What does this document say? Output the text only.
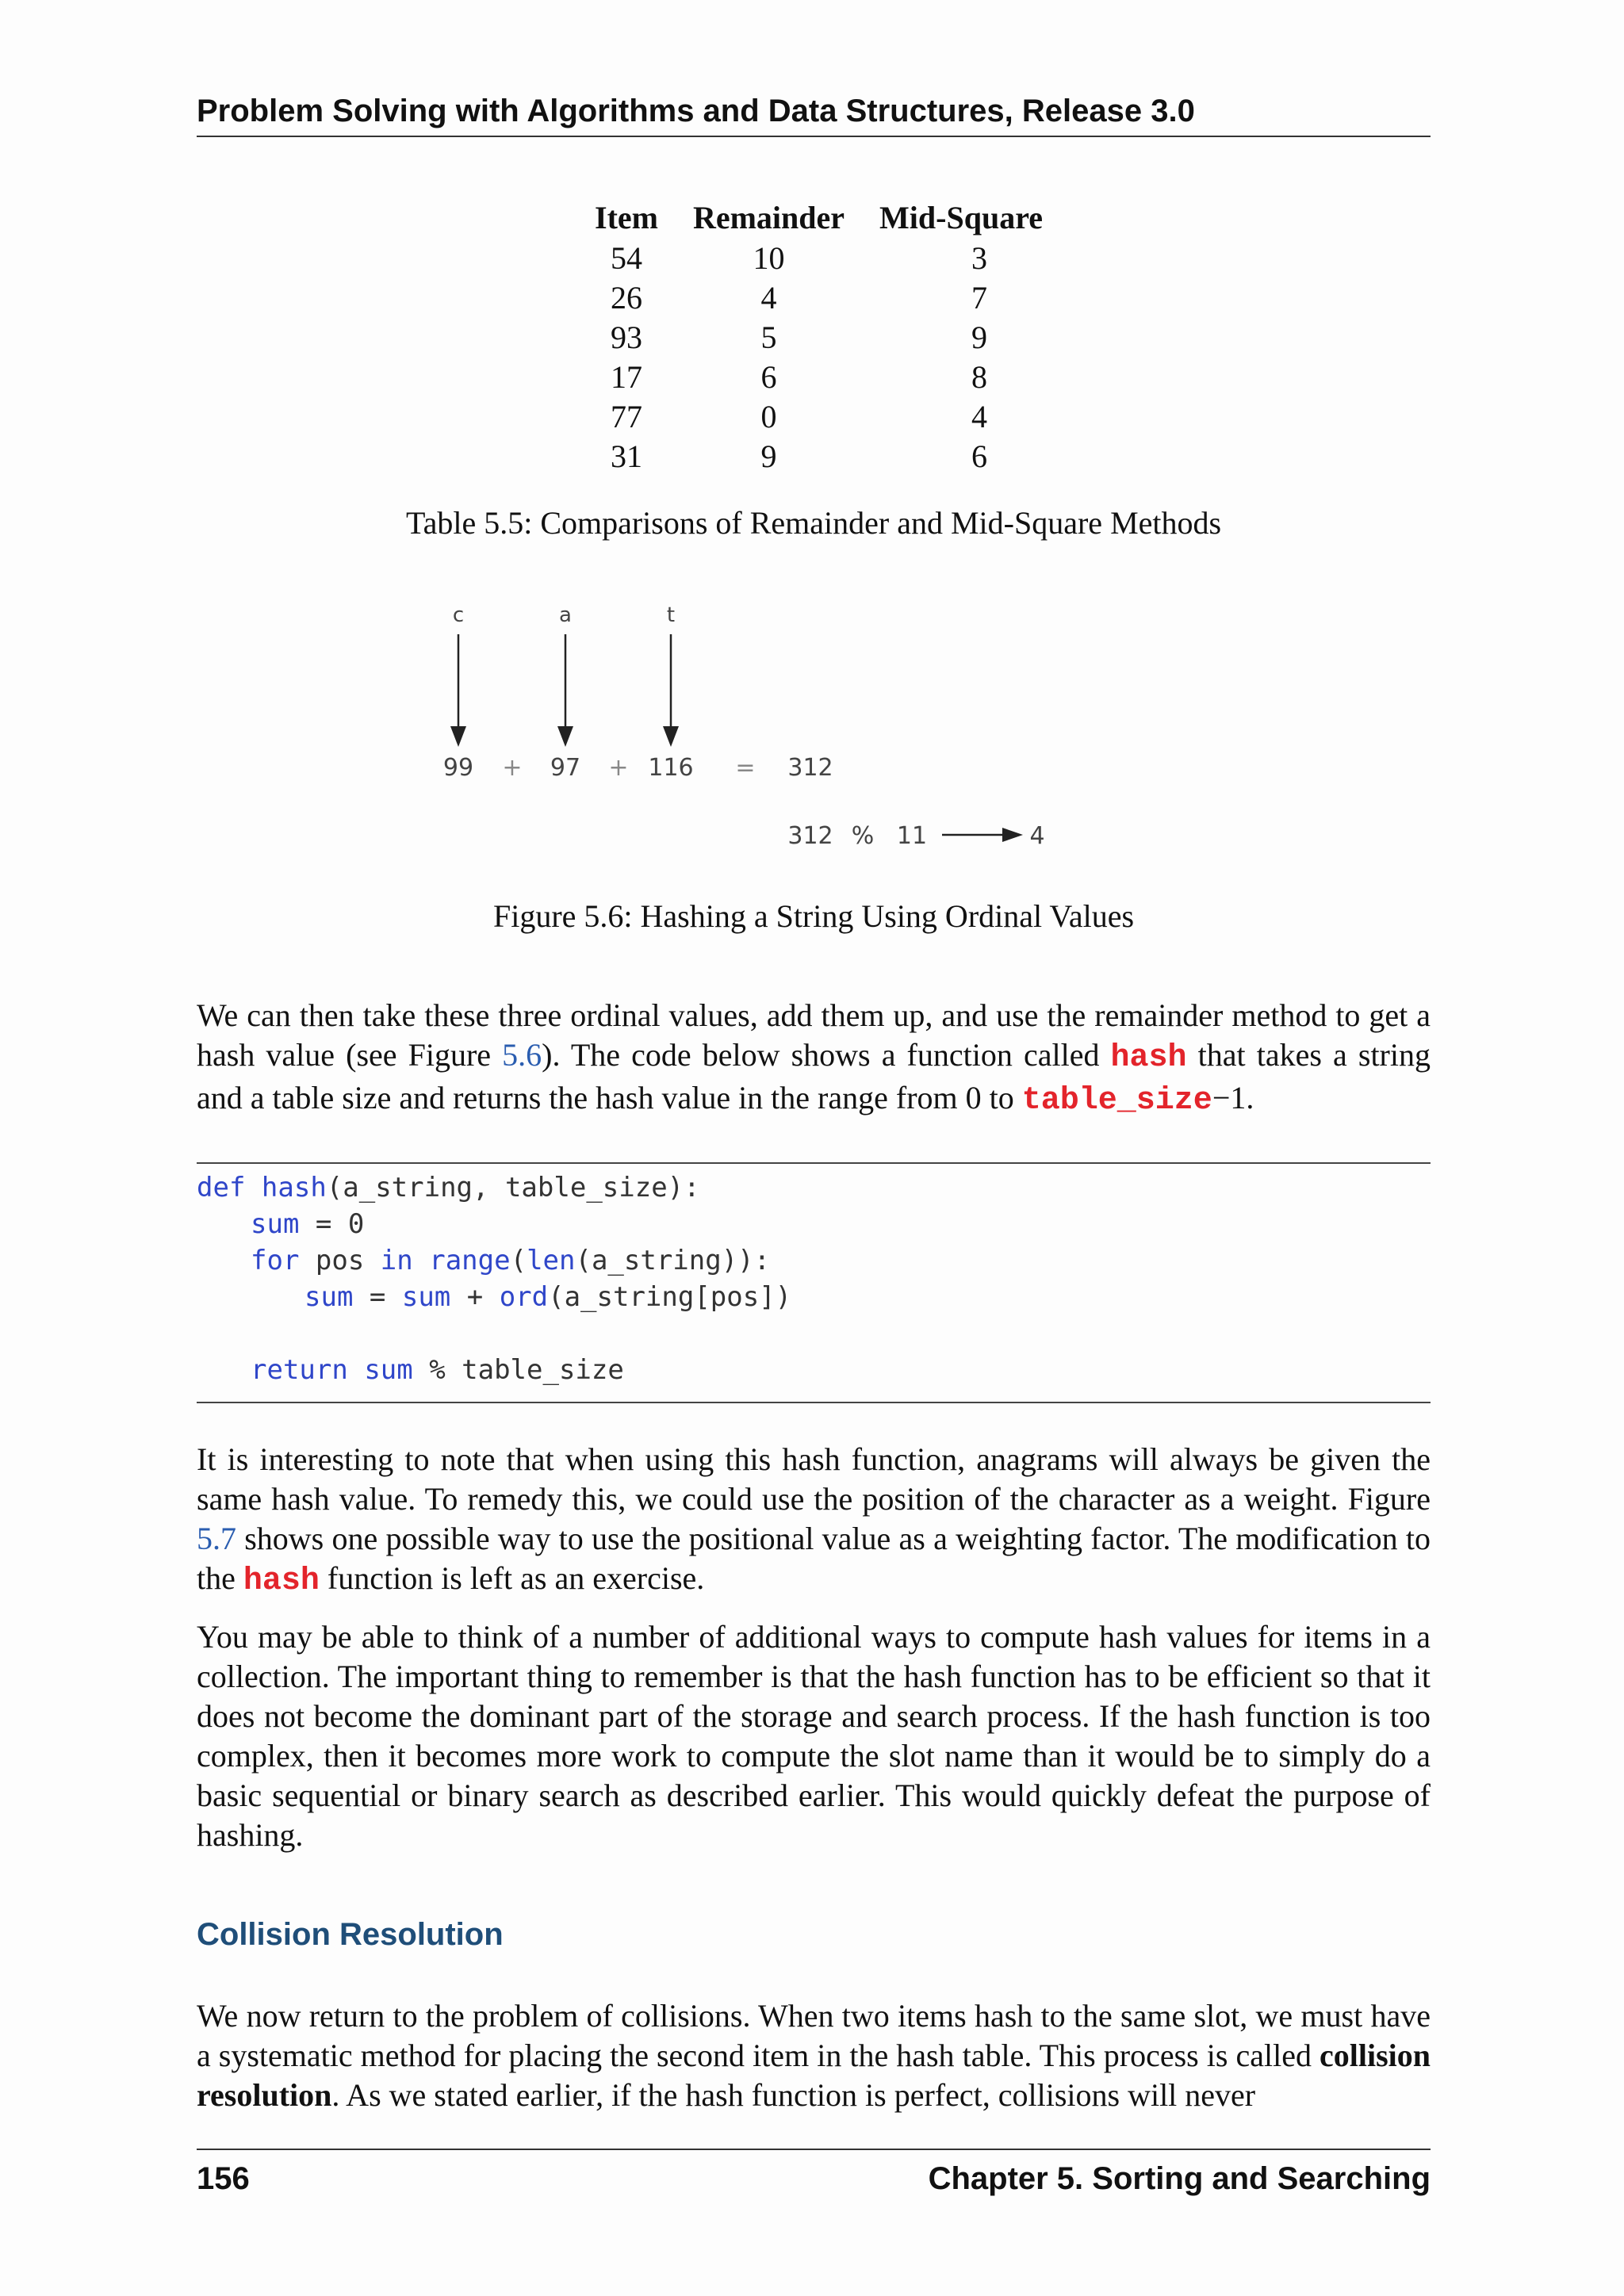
Problem Solving with Algorithms and Data Structures, Release 3.0
Item	Remainder	Mid-Square
54	10	3
26	4	7
93	5	9
17	6	8
77	0	4
31	9	6
Table 5.5: Comparisons of Remainder and Mid-Square Methods
c	a	t
99 + 97 + 116 = 312
312 % 11	4
Figure 5.6: Hashing a String Using Ordinal Values
We can then take these three ordinal values, add them up, and use the remainder method to get a hash value (see Figure 5.6). The code below shows a function called hash that takes a string and a table size and returns the hash value in the range from 0 to table_size−1.
def hash(a_string, table_size):
sum = 0
for pos in range(len(a_string)):
sum = sum + ord(a_string[pos])
return sum % table_size
It is interesting to note that when using this hash function, anagrams will always be given the same hash value. To remedy this, we could use the position of the character as a weight. Figure 5.7 shows one possible way to use the positional value as a weighting factor. The modification to the hash function is left as an exercise.
You may be able to think of a number of additional ways to compute hash values for items in a collection. The important thing to remember is that the hash function has to be efficient so that it does not become the dominant part of the storage and search process. If the hash function is too complex, then it becomes more work to compute the slot name than it would be to simply do a basic sequential or binary search as described earlier. This would quickly defeat the purpose of hashing.
Collision Resolution
We now return to the problem of collisions. When two items hash to the same slot, we must have a systematic method for placing the second item in the hash table. This process is called collision resolution. As we stated earlier, if the hash function is perfect, collisions will never
156	Chapter 5. Sorting and Searching
